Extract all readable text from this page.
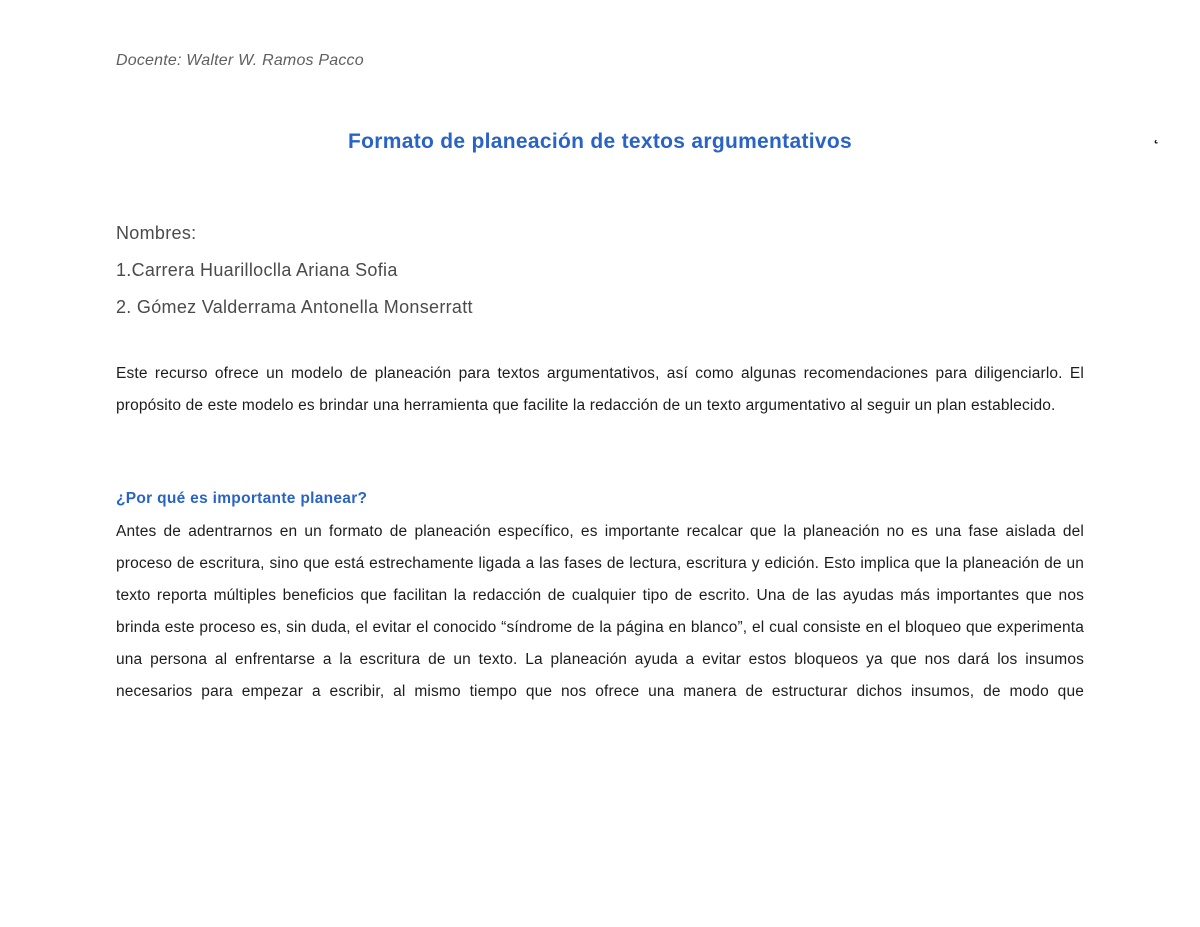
Docente: Walter W. Ramos Pacco
˛
Formato de planeación de textos argumentativos
Nombres:
1.Carrera Huarilloclla Ariana Sofia
2. Gómez Valderrama Antonella Monserratt
Este recurso ofrece un modelo de planeación para textos argumentativos, así como algunas recomendaciones para diligenciarlo. El propósito de este modelo es brindar una herramienta que facilite la redacción de un texto argumentativo al seguir un plan establecido.
¿Por qué es importante planear?
Antes de adentrarnos en un formato de planeación específico, es importante recalcar que la planeación no es una fase aislada del proceso de escritura, sino que está estrechamente ligada a las fases de lectura, escritura y edición. Esto implica que la planeación de un texto reporta múltiples beneficios que facilitan la redacción de cualquier tipo de escrito. Una de las ayudas más importantes que nos brinda este proceso es, sin duda, el evitar el conocido “síndrome de la página en blanco”, el cual consiste en el bloqueo que experimenta una persona al enfrentarse a la escritura de un texto. La planeación ayuda a evitar estos bloqueos ya que nos dará los insumos necesarios para empezar a escribir, al mismo tiempo que nos ofrece una manera de estructurar dichos insumos, de modo que
